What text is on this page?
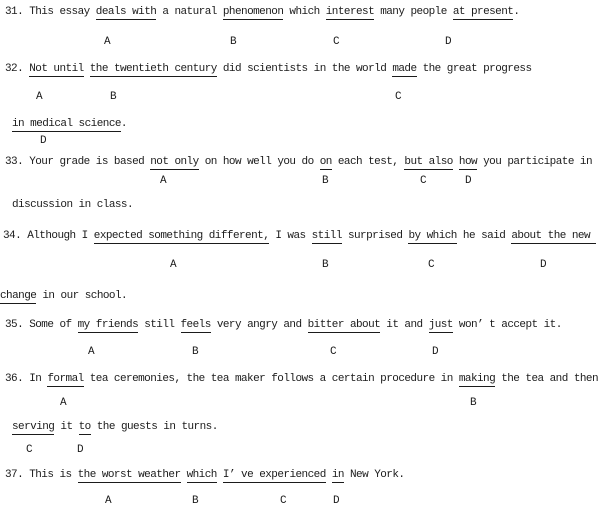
31. This essay deals with a natural phenomenon which interest many people at present.
A	B	C	D
32. Not until the twentieth century did scientists in the world made the great progress
A	B	C
in medical science.
D
33. Your grade is based not only on how well you do on each test, but also how you participate in
A	B	C	D
discussion in class.
34. Although I expected something different, I was still surprised by which he said about the new
A	B	C	D
change in our school.
35. Some of my friends still feels very angry and bitter about it and just won’ t accept it.
A	B	C	D
36. In formal tea ceremonies, the tea maker follows a certain procedure in making the tea and then
A	B
serving it to the guests in turns.
C	D
37. This is the worst weather which I’ ve experienced in New York.
A	B	C	D
